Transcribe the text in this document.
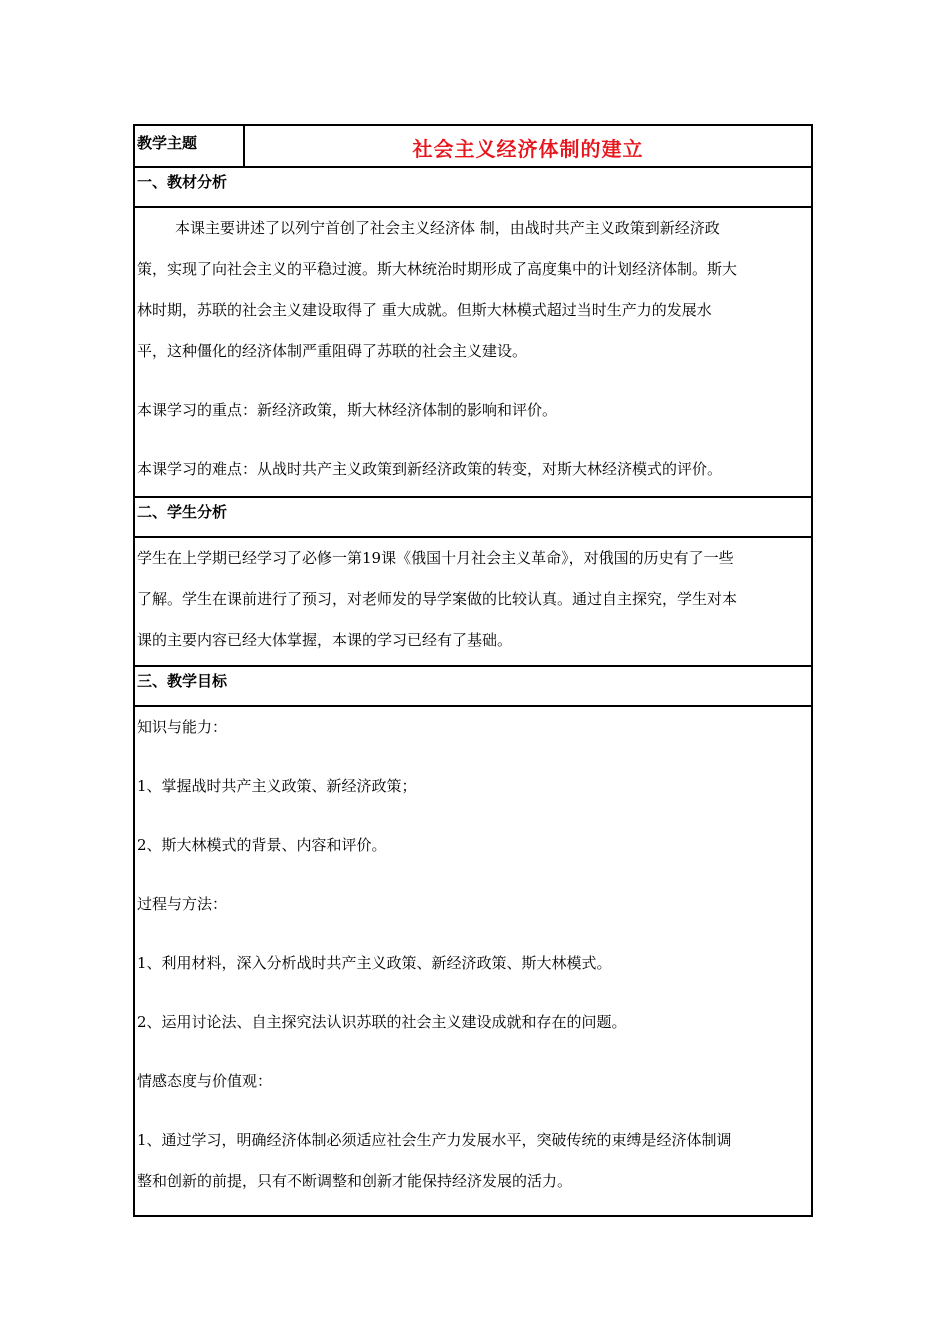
教学主题	社会主义经济体制的建立
一、教材分析

本课主要讲述了以列宁首创了社会主义经济体 制，由战时共产主义政策到新经济政

策，实现了向社会主义的平稳过渡。斯大林统治时期形成了高度集中的计划经济体制。斯大

林时期，苏联的社会主义建设取得了 重大成就。但斯大林模式超过当时生产力的发展水

平，这种僵化的经济体制严重阻碍了苏联的社会主义建设。

本课学习的重点：新经济政策，斯大林经济体制的影响和评价。

本课学习的难点：从战时共产主义政策到新经济政策的转变，对斯大林经济模式的评价。

二、学生分析

学生在上学期已经学习了必修一第19课《俄国十月社会主义革命》，对俄国的历史有了一些

了解。学生在课前进行了预习，对老师发的导学案做的比较认真。通过自主探究，学生对本

课的主要内容已经大体掌握，本课的学习已经有了基础。

三、教学目标

知识与能力：

1、掌握战时共产主义政策、新经济政策；

2、斯大林模式的背景、内容和评价。

过程与方法：

1、利用材料，深入分析战时共产主义政策、新经济政策、斯大林模式。

2、运用讨论法、自主探究法认识苏联的社会主义建设成就和存在的问题。

情感态度与价值观：

1、通过学习，明确经济体制必须适应社会生产力发展水平，突破传统的束缚是经济体制调

整和创新的前提，只有不断调整和创新才能保持经济发展的活力。
